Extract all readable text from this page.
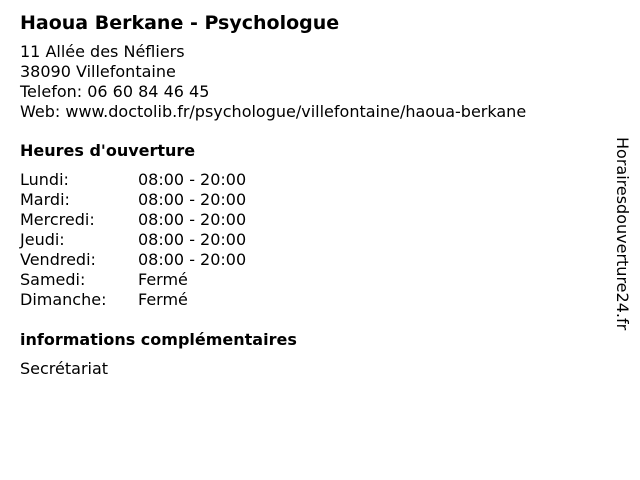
Haoua Berkane - Psychologue
11 Allée des Néfliers
38090 Villefontaine
Telefon: 06 60 84 46 45
Web: www.doctolib.fr/psychologue/villefontaine/haoua-berkane
Heures d'ouverture
Lundi:	08:00 - 20:00
Mardi:	08:00 - 20:00
Mercredi:	08:00 - 20:00
Jeudi:	08:00 - 20:00
Vendredi:	08:00 - 20:00
Samedi:	Fermé
Dimanche:	Fermé
informations complémentaires
Secrétariat
Horairesdouverture24.fr
